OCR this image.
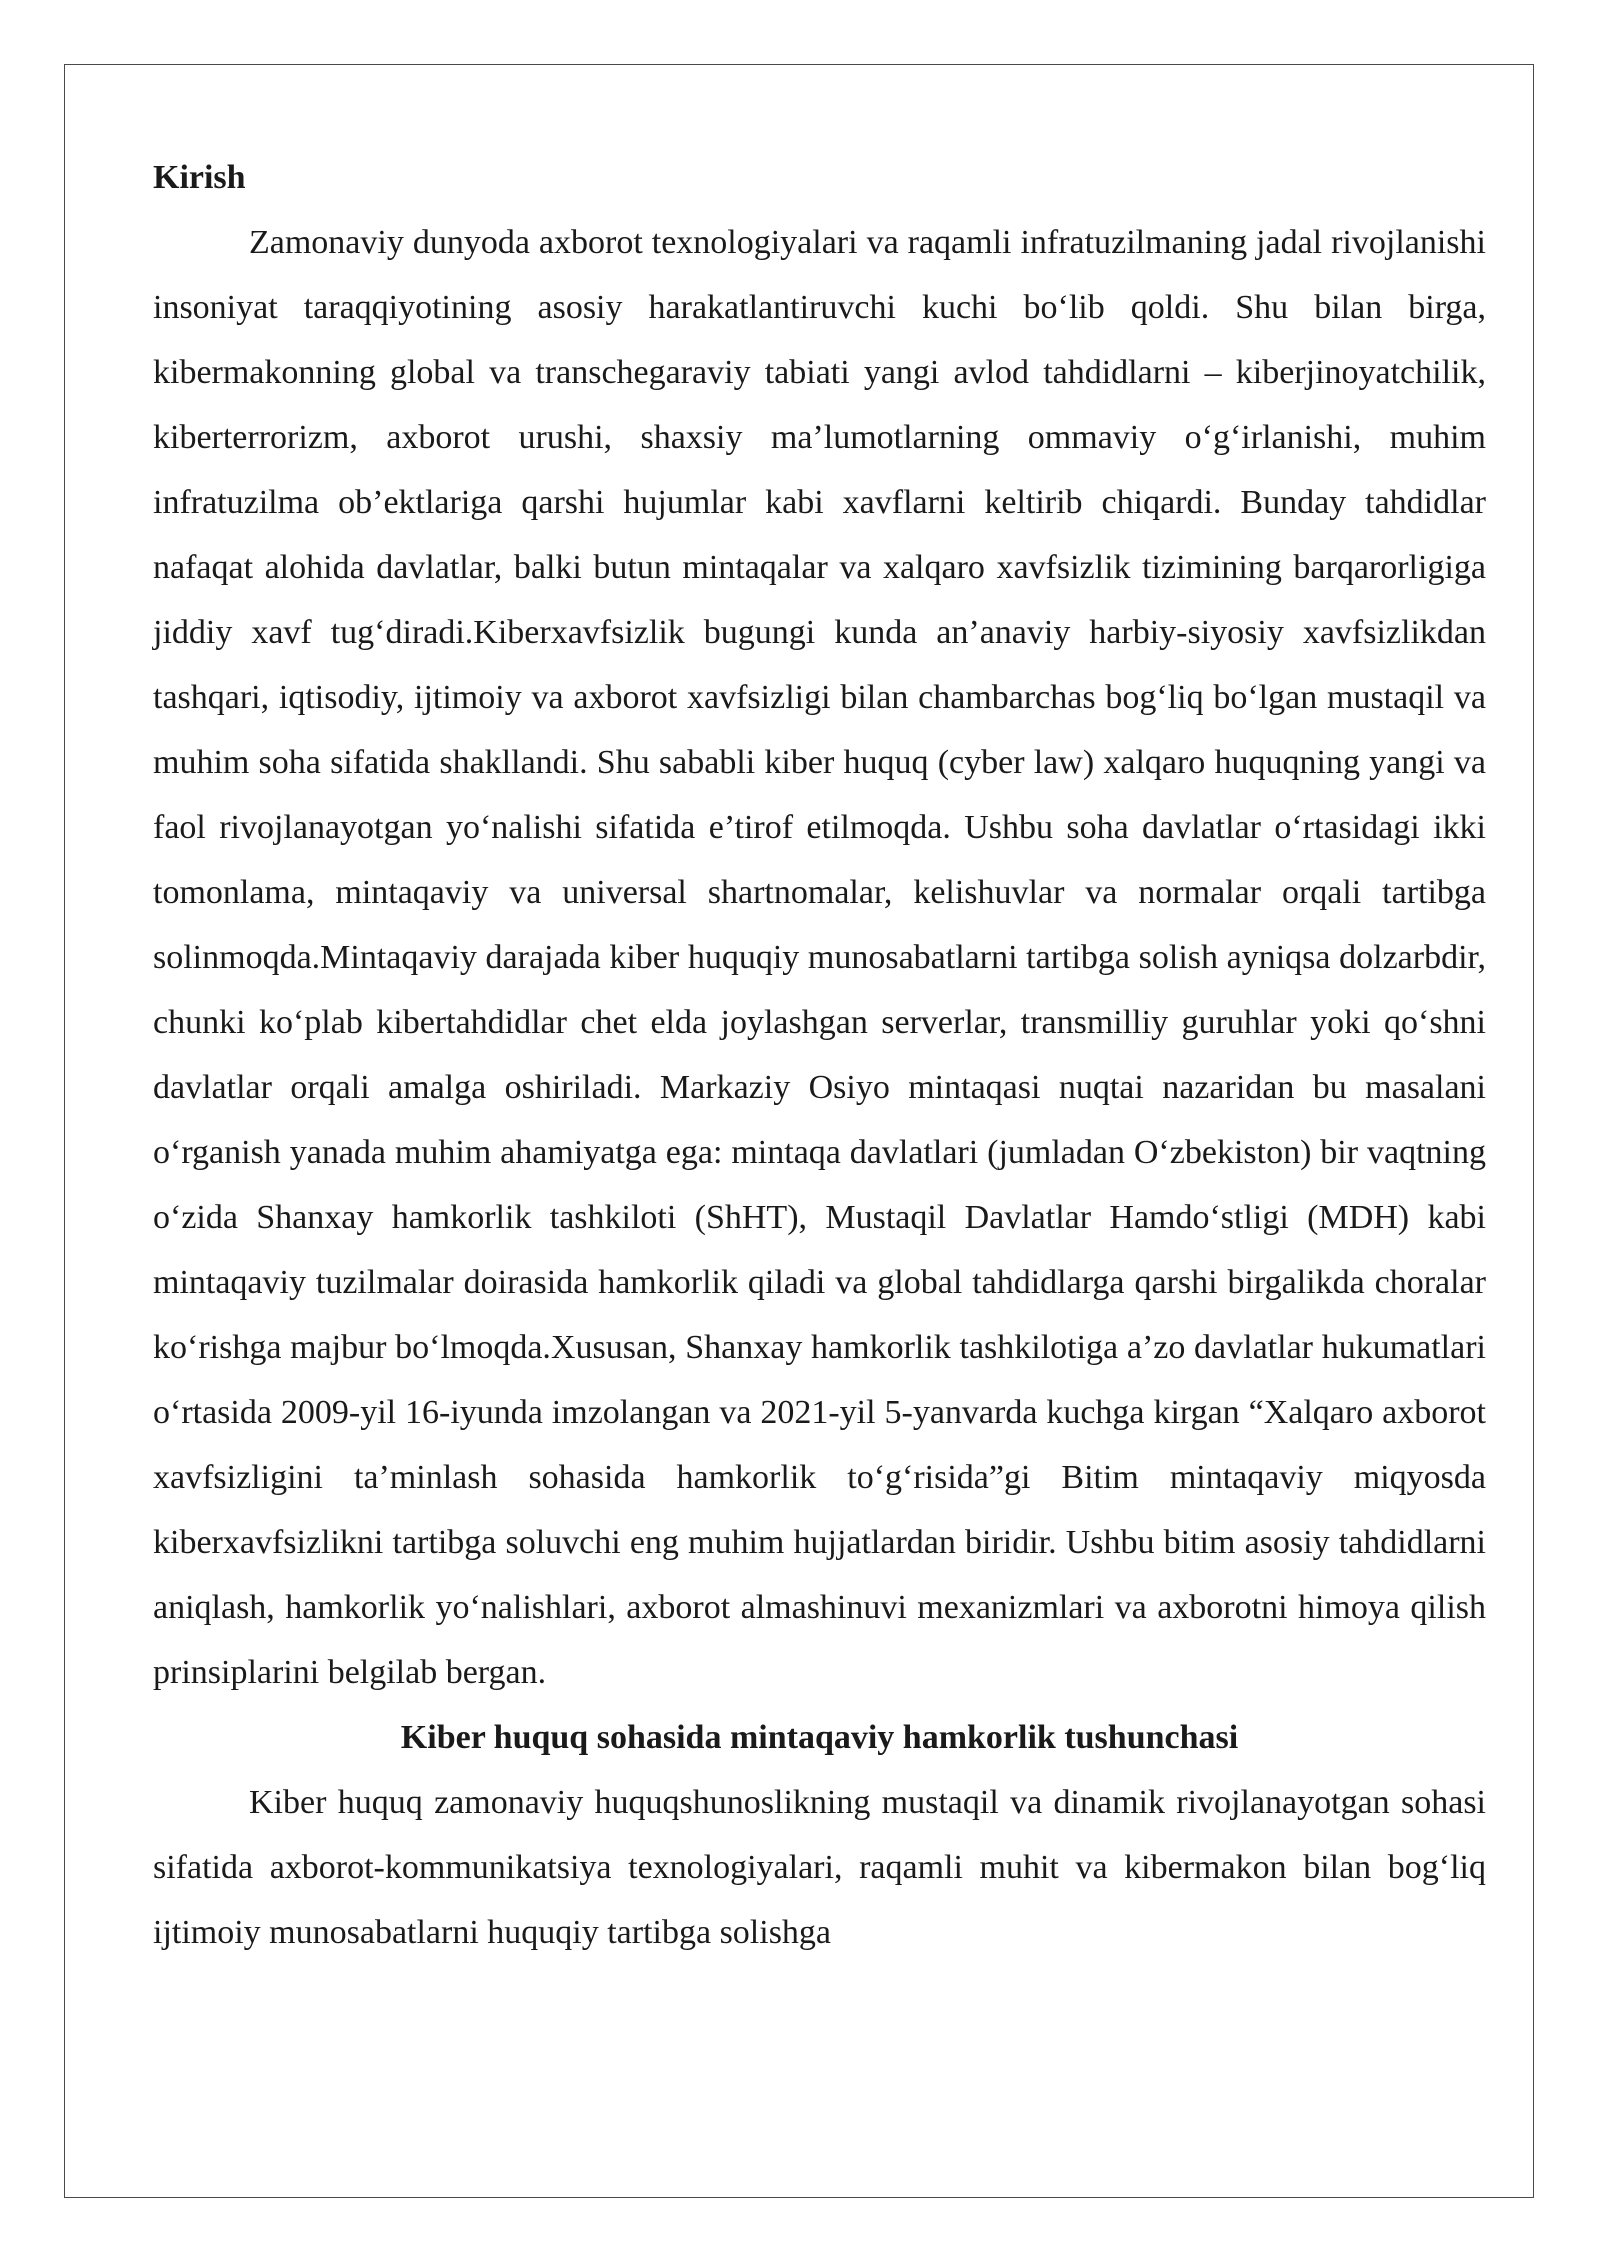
Kirish

Zamonaviy dunyoda axborot texnologiyalari va raqamli infratuzilmaning jadal rivojlanishi insoniyat taraqqiyotining asosiy harakatlantiruvchi kuchi bo‘lib qoldi. Shu bilan birga, kibermakonning global va transchegaraviy tabiati yangi avlod tahdidlarni – kiberjinoyatchilik, kiberterrorizm, axborot urushi, shaxsiy ma’lumotlarning ommaviy o‘g‘irlanishi, muhim infratuzilma ob’ektlariga qarshi hujumlar kabi xavflarni keltirib chiqardi. Bunday tahdidlar nafaqat alohida davlatlar, balki butun mintaqalar va xalqaro xavfsizlik tizimining barqarorligiga jiddiy xavf tug‘diradi.Kiberxavfsizlik bugungi kunda an’anaviy harbiy-siyosiy xavfsizlikdan tashqari, iqtisodiy, ijtimoiy va axborot xavfsizligi bilan chambarchas bog‘liq bo‘lgan mustaqil va muhim soha sifatida shakllandi. Shu sababli kiber huquq (cyber law) xalqaro huquqning yangi va faol rivojlanayotgan yo‘nalishi sifatida e’tirof etilmoqda. Ushbu soha davlatlar o‘rtasidagi ikki tomonlama, mintaqaviy va universal shartnomalar, kelishuvlar va normalar orqali tartibga solinmoqda.Mintaqaviy darajada kiber huquqiy munosabatlarni tartibga solish ayniqsa dolzarbdir, chunki ko‘plab kibertahdidlar chet elda joylashgan serverlar, transmilliy guruhlar yoki qo‘shni davlatlar orqali amalga oshiriladi. Markaziy Osiyo mintaqasi nuqtai nazaridan bu masalani o‘rganish yanada muhim ahamiyatga ega: mintaqa davlatlari (jumladan O‘zbekiston) bir vaqtning o‘zida Shanxay hamkorlik tashkiloti (ShHT), Mustaqil Davlatlar Hamdo‘stligi (MDH) kabi mintaqaviy tuzilmalar doirasida hamkorlik qiladi va global tahdidlarga qarshi birgalikda choralar ko‘rishga majbur bo‘lmoqda.Xususan, Shanxay hamkorlik tashkilotiga a’zo davlatlar hukumatlari o‘rtasida 2009-yil 16-iyunda imzolangan va 2021-yil 5-yanvarda kuchga kirgan “Xalqaro axborot xavfsizligini ta’minlash sohasida hamkorlik to‘g‘risida”gi Bitim mintaqaviy miqyosda kiberxavfsizlikni tartibga soluvchi eng muhim hujjatlardan biridir. Ushbu bitim asosiy tahdidlarni aniqlash, hamkorlik yo‘nalishlari, axborot almashinuvi mexanizmlari va axborotni himoya qilish prinsiplarini belgilab bergan.

Kiber huquq sohasida mintaqaviy hamkorlik tushunchasi

Kiber huquq zamonaviy huquqshunoslikning mustaqil va dinamik rivojlanayotgan sohasi sifatida axborot-kommunikatsiya texnologiyalari, raqamli muhit va kibermakon bilan bog‘liq ijtimoiy munosabatlarni huquqiy tartibga solishga
